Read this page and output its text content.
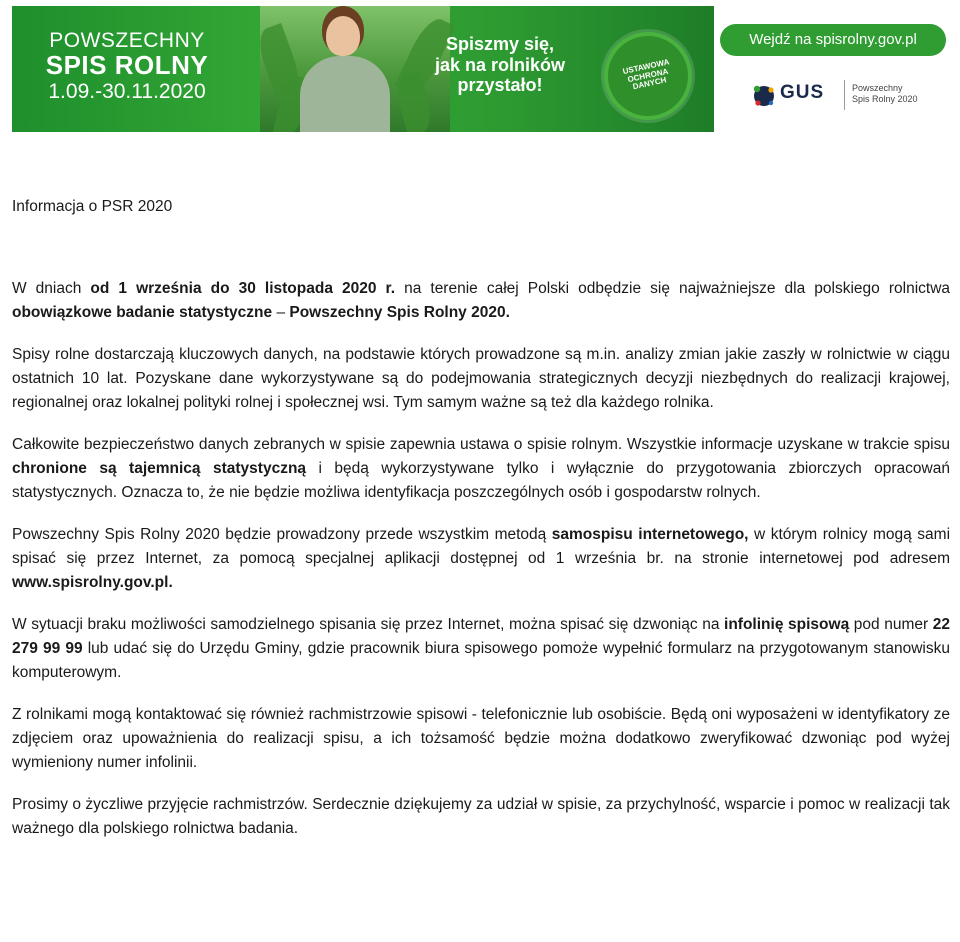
POWSZECHNY
SPIS ROLNY
1.09.-30.11.2020
Spiszmy się,
jak na rolników
przystało!
USTAWOWA OCHRONA DANYCH
Wejdź na spisrolny.gov.pl
GUS	Powszechny
Spis Rolny 2020
Informacja o PSR 2020

W dniach od 1 września do 30 listopada 2020 r. na terenie całej Polski odbędzie się najważniejsze dla polskiego rolnictwa obowiązkowe badanie statystyczne – Powszechny Spis Rolny 2020.

Spisy rolne dostarczają kluczowych danych, na podstawie których prowadzone są m.in. analizy zmian jakie zaszły w rolnictwie w ciągu ostatnich 10 lat. Pozyskane dane wykorzystywane są do podejmowania strategicznych decyzji niezbędnych do realizacji krajowej, regionalnej oraz lokalnej polityki rolnej i społecznej wsi. Tym samym ważne są też dla każdego rolnika.

Całkowite bezpieczeństwo danych zebranych w spisie zapewnia ustawa o spisie rolnym. Wszystkie informacje uzyskane w trakcie spisu chronione są tajemnicą statystyczną i będą wykorzystywane tylko i wyłącznie do przygotowania zbiorczych opracowań statystycznych. Oznacza to, że nie będzie możliwa identyfikacja poszczególnych osób i gospodarstw rolnych.

Powszechny Spis Rolny 2020 będzie prowadzony przede wszystkim metodą samospisu internetowego, w którym rolnicy mogą sami spisać się przez Internet, za pomocą specjalnej aplikacji dostępnej od 1 września br. na stronie internetowej pod adresem www.spisrolny.gov.pl.

W sytuacji braku możliwości samodzielnego spisania się przez Internet, można spisać się dzwoniąc na infolinię spisową pod numer 22 279 99 99 lub udać się do Urzędu Gminy, gdzie pracownik biura spisowego pomoże wypełnić formularz na przygotowanym stanowisku komputerowym.

Z rolnikami mogą kontaktować się również rachmistrzowie spisowi - telefonicznie lub osobiście. Będą oni wyposażeni w identyfikatory ze zdjęciem oraz upoważnienia do realizacji spisu, a ich tożsamość będzie można dodatkowo zweryfikować dzwoniąc pod wyżej wymieniony numer infolinii.

Prosimy o życzliwe przyjęcie rachmistrzów. Serdecznie dziękujemy za udział w spisie, za przychylność, wsparcie i pomoc w realizacji tak ważnego dla polskiego rolnictwa badania.
